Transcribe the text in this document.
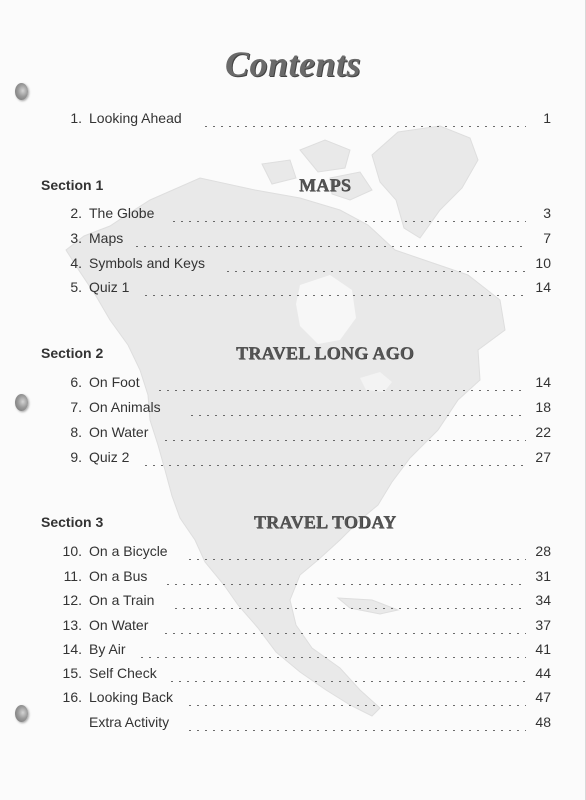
Contents
1. Looking Ahead	1
Section 1	MAPS
2. The Globe	3
3. Maps	7
4. Symbols and Keys	10
5. Quiz 1	14
Section 2	TRAVEL LONG AGO
6. On Foot	14
7. On Animals	18
8. On Water	22
9. Quiz 2	27
Section 3	TRAVEL TODAY
10. On a Bicycle	28
11. On a Bus	31
12. On a Train	34
13. On Water	37
14. By Air	41
15. Self Check	44
16. Looking Back	47
Extra Activity	48
